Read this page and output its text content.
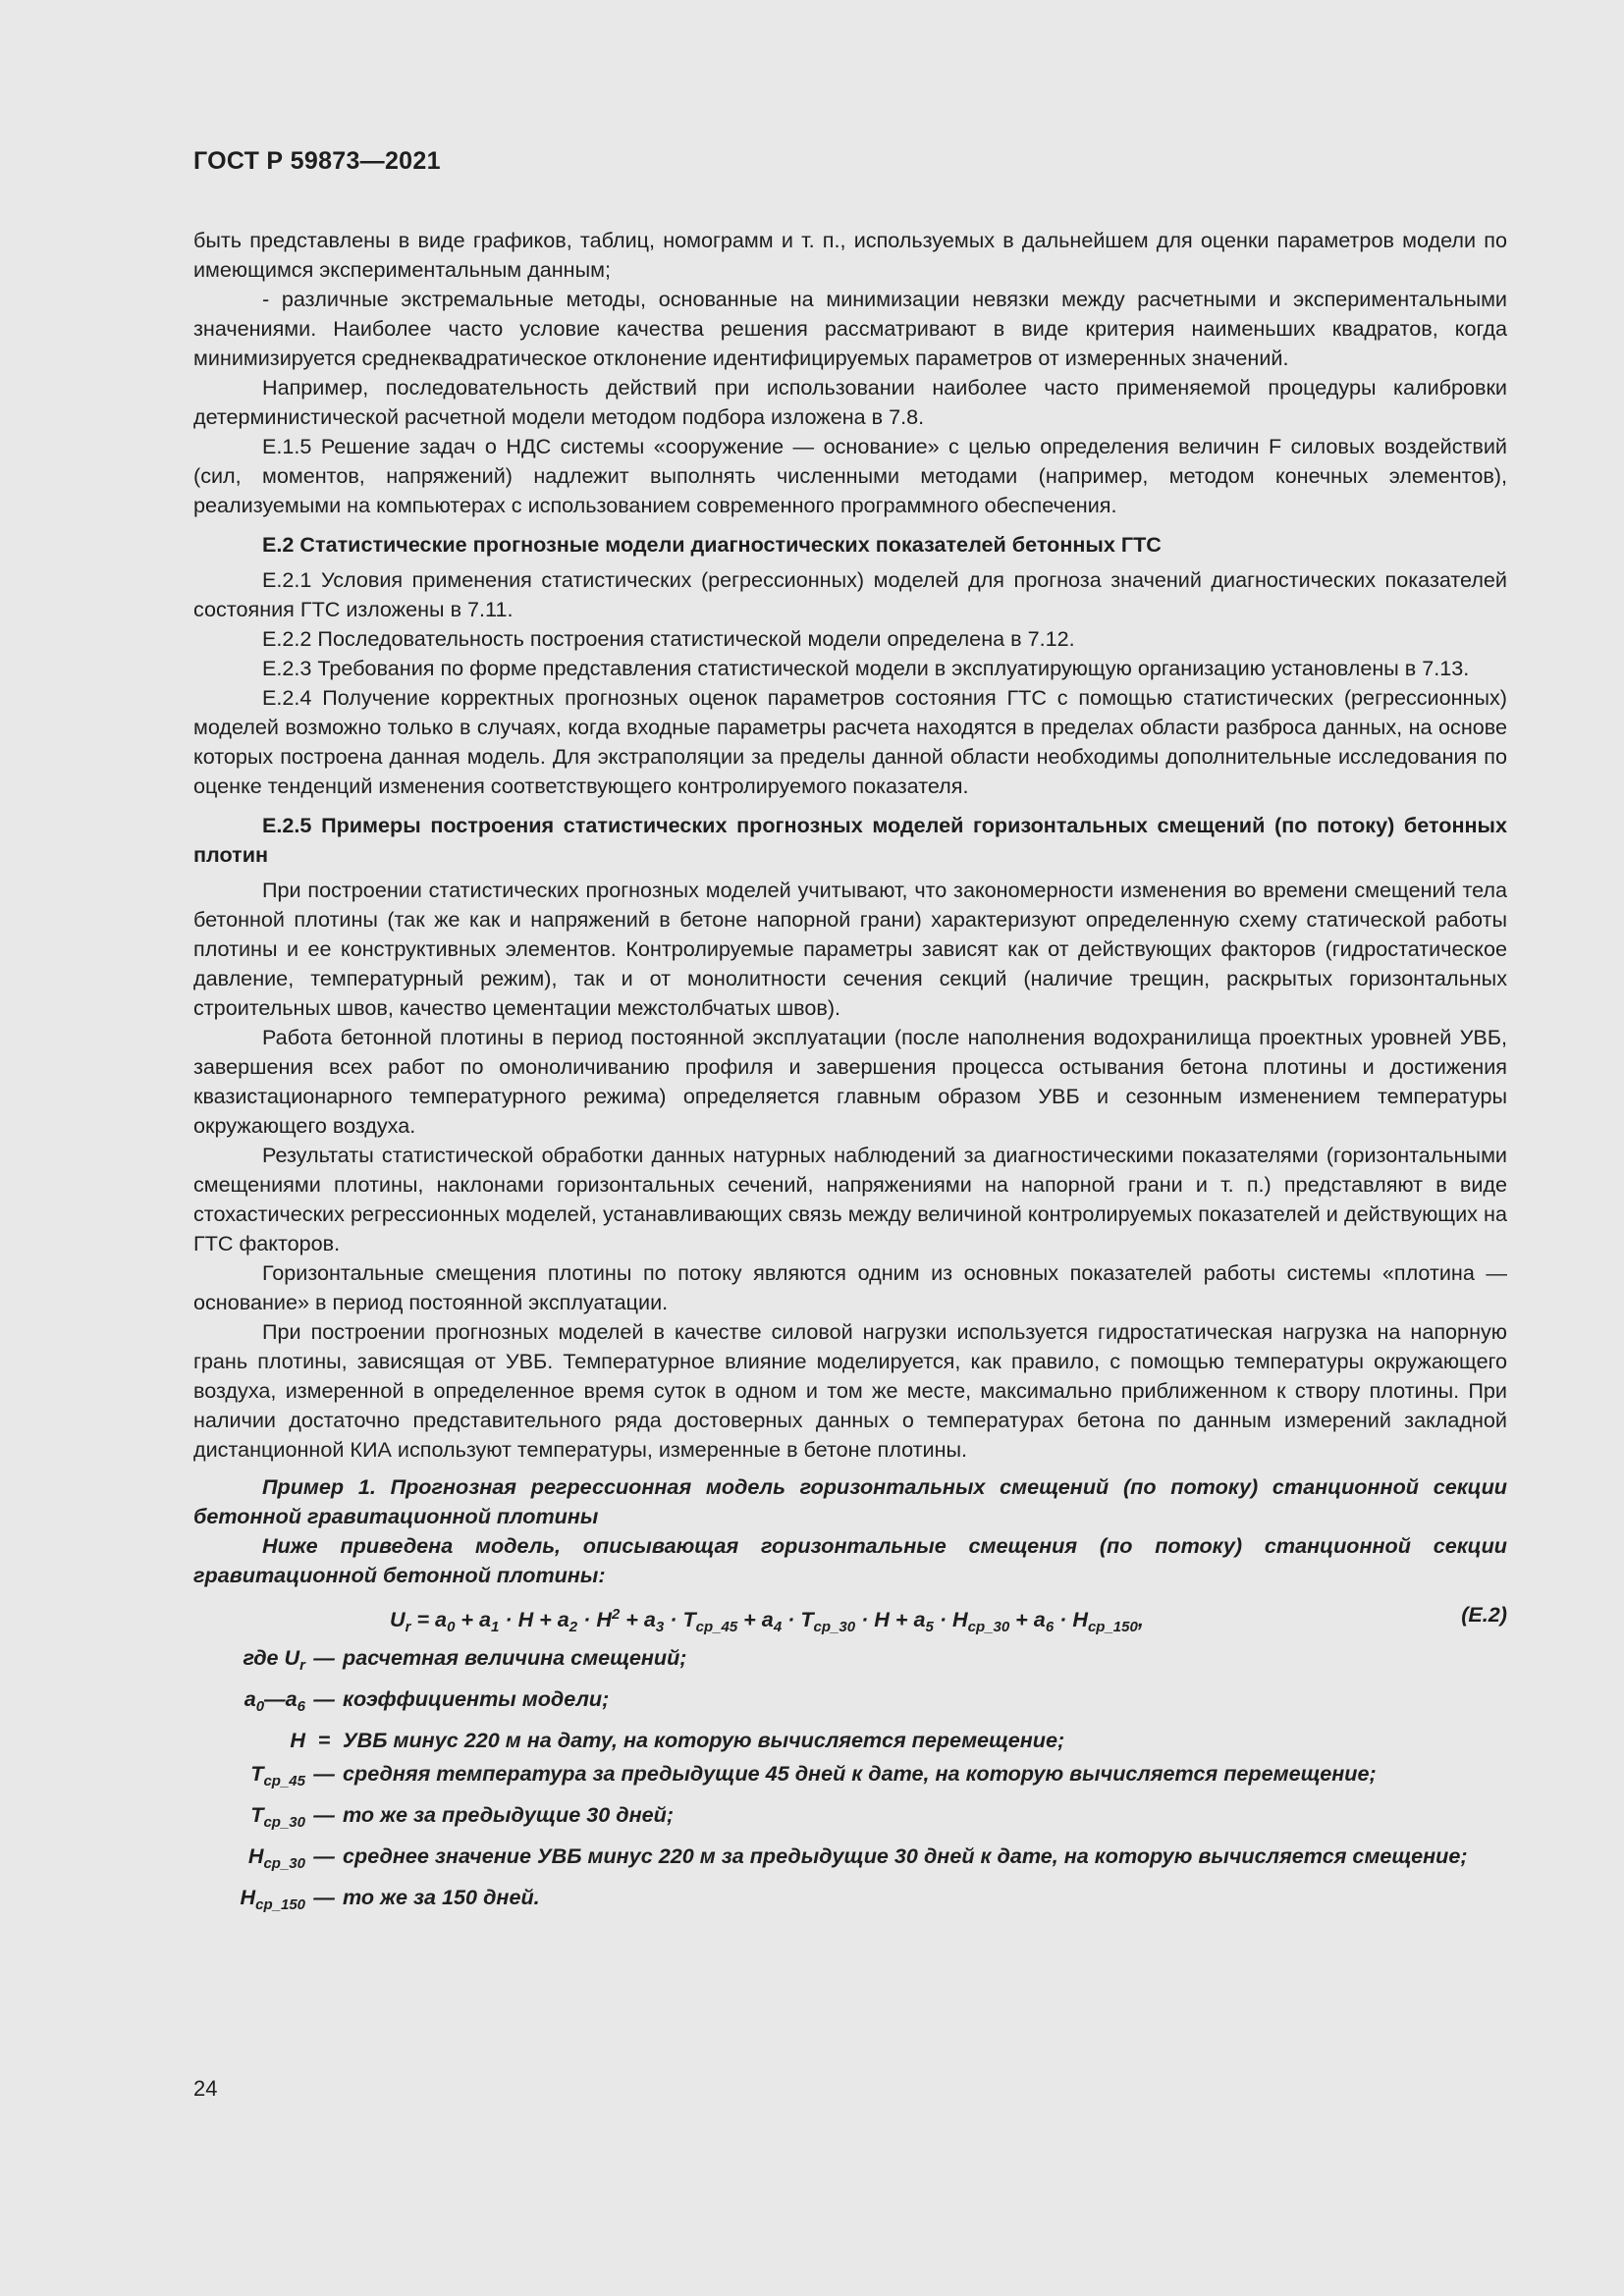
ГОСТ Р 59873—2021

быть представлены в виде графиков, таблиц, номограмм и т. п., используемых в дальнейшем для оценки параметров модели по имеющимся экспериментальным данным;

- различные экстремальные методы, основанные на минимизации невязки между расчетными и экспериментальными значениями. Наиболее часто условие качества решения рассматривают в виде критерия наименьших квадратов, когда минимизируется среднеквадратическое отклонение идентифицируемых параметров от измеренных значений.

Например, последовательность действий при использовании наиболее часто применяемой процедуры калибровки детерминистической расчетной модели методом подбора изложена в 7.8.

Е.1.5 Решение задач о НДС системы «сооружение — основание» с целью определения величин F силовых воздействий (сил, моментов, напряжений) надлежит выполнять численными методами (например, методом конечных элементов), реализуемыми на компьютерах с использованием современного программного обеспечения.

Е.2 Статистические прогнозные модели диагностических показателей бетонных ГТС

Е.2.1 Условия применения статистических (регрессионных) моделей для прогноза значений диагностических показателей состояния ГТС изложены в 7.11.

Е.2.2 Последовательность построения статистической модели определена в 7.12.

Е.2.3 Требования по форме представления статистической модели в эксплуатирующую организацию установлены в 7.13.

Е.2.4 Получение корректных прогнозных оценок параметров состояния ГТС с помощью статистических (регрессионных) моделей возможно только в случаях, когда входные параметры расчета находятся в пределах области разброса данных, на основе которых построена данная модель. Для экстраполяции за пределы данной области необходимы дополнительные исследования по оценке тенденций изменения соответствующего контролируемого показателя.

Е.2.5 Примеры построения статистических прогнозных моделей горизонтальных смещений (по потоку) бетонных плотин

При построении статистических прогнозных моделей учитывают, что закономерности изменения во времени смещений тела бетонной плотины (так же как и напряжений в бетоне напорной грани) характеризуют определенную схему статической работы плотины и ее конструктивных элементов. Контролируемые параметры зависят как от действующих факторов (гидростатическое давление, температурный режим), так и от монолитности сечения секций (наличие трещин, раскрытых горизонтальных строительных швов, качество цементации межстолбчатых швов).

Работа бетонной плотины в период постоянной эксплуатации (после наполнения водохранилища проектных уровней УВБ, завершения всех работ по омоноличиванию профиля и завершения процесса остывания бетона плотины и достижения квазистационарного температурного режима) определяется главным образом УВБ и сезонным изменением температуры окружающего воздуха.

Результаты статистической обработки данных натурных наблюдений за диагностическими показателями (горизонтальными смещениями плотины, наклонами горизонтальных сечений, напряжениями на напорной грани и т. п.) представляют в виде стохастических регрессионных моделей, устанавливающих связь между величиной контролируемых показателей и действующих на ГТС факторов.

Горизонтальные смещения плотины по потоку являются одним из основных показателей работы системы «плотина — основание» в период постоянной эксплуатации.

При построении прогнозных моделей в качестве силовой нагрузки используется гидростатическая нагрузка на напорную грань плотины, зависящая от УВБ. Температурное влияние моделируется, как правило, с помощью температуры окружающего воздуха, измеренной в определенное время суток в одном и том же месте, максимально приближенном к створу плотины. При наличии достаточно представительного ряда достоверных данных о температурах бетона по данным измерений закладной дистанционной КИА используют температуры, измеренные в бетоне плотины.

Пример 1. Прогнозная регрессионная модель горизонтальных смещений (по потоку) станционной секции бетонной гравитационной плотины

Ниже приведена модель, описывающая горизонтальные смещения (по потоку) станционной секции гравитационной бетонной плотины:

$U_r = a_0 + a_1 \cdot H + a_2 \cdot H^2 + a_3 \cdot T_{ср\_45} + a_4 \cdot T_{ср\_30} \cdot H + a_5 \cdot H_{ср\_30} + a_6 \cdot H_{ср\_150}$,	(Е.2)
где $U_r$ — расчетная величина смещений;
$a_0—a_6$ — коэффициенты модели;
H = УВБ минус 220 м на дату, на которую вычисляется перемещение;
$T_{ср\_45}$ — средняя температура за предыдущие 45 дней к дате, на которую вычисляется перемещение;
$T_{ср\_30}$ — то же за предыдущие 30 дней;
$H_{ср\_30}$ — среднее значение УВБ минус 220 м за предыдущие 30 дней к дате, на которую вычисляется смещение;
$H_{ср\_150}$ — то же за 150 дней.
24
